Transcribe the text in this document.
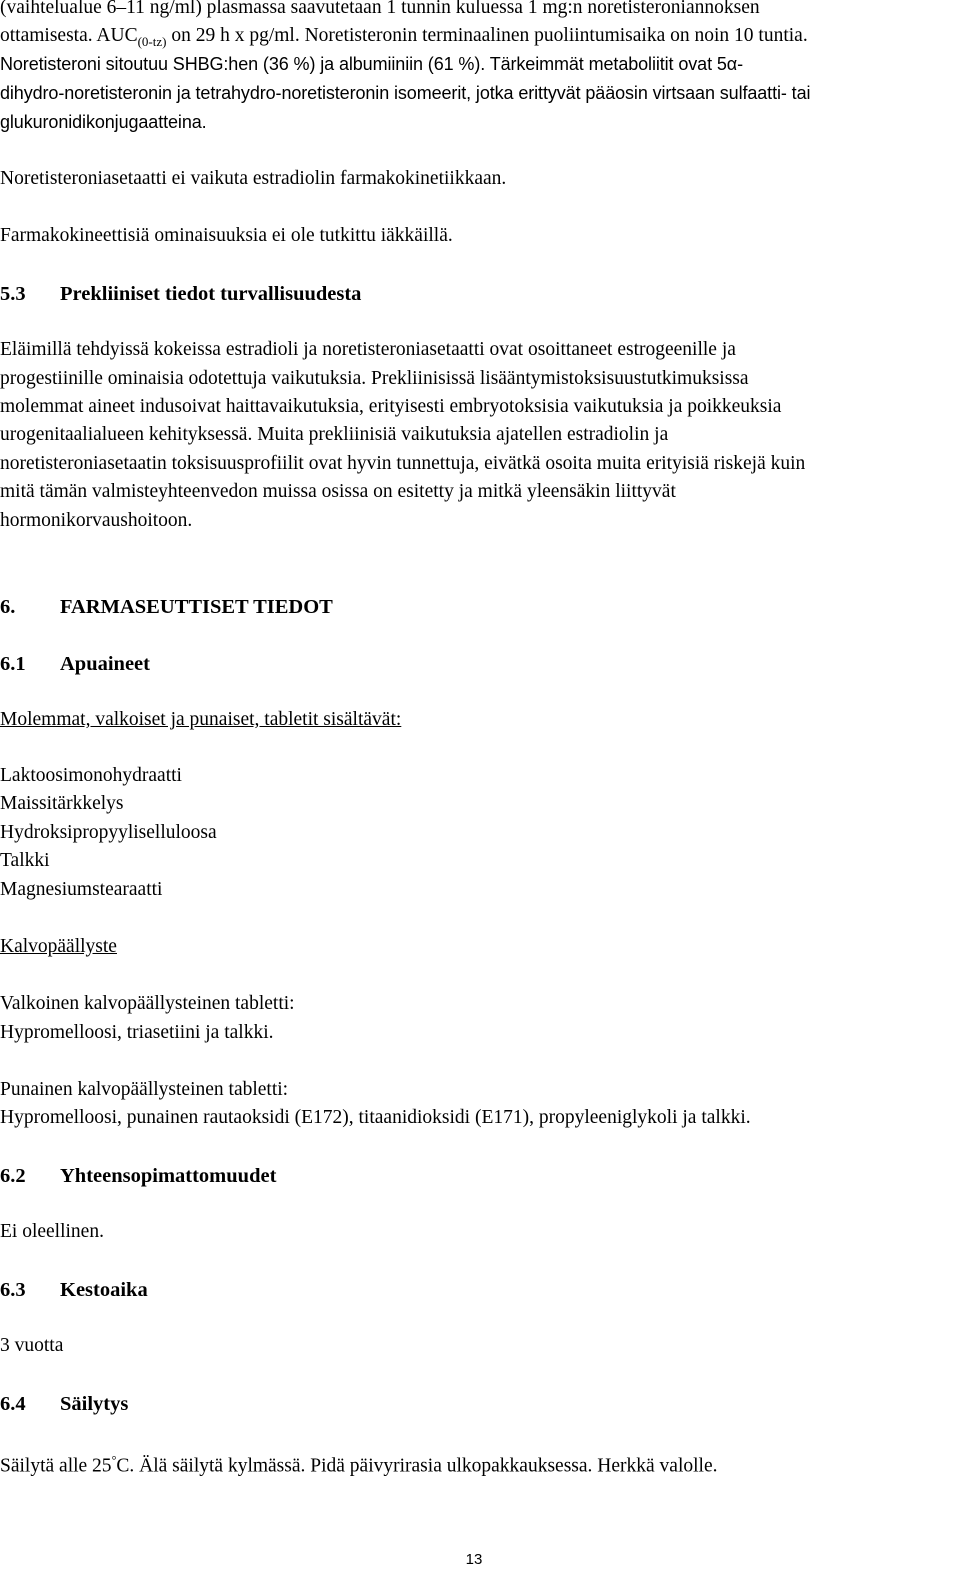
(vaihtelualue 6–11 ng/ml) plasmassa saavutetaan 1 tunnin kuluessa 1 mg:n noretisteroniannoksen
ottamisesta. $AUC_{(0-tz)}$ on 29 h x pg/ml. Noretisteronin terminaalinen puoliintumisaika on noin 10 tuntia.
Noretisteroni sitoutuu SHBG:hen (36 %) ja albumiiniin (61 %). Tärkeimmät metaboliitit ovat 5α-
dihydro-noretisteronin ja tetrahydro-noretisteronin isomeerit, jotka erittyvät pääosin virtsaan sulfaatti- tai
glukuronidikonjugaatteina.
Noretisteroniasetaatti ei vaikuta estradiolin farmakokinetiikkaan.
Farmakokineettisiä ominaisuuksia ei ole tutkittu iäkkäillä.
5.3 Prekliiniset tiedot turvallisuudesta
Eläimillä tehdyissä kokeissa estradioli ja noretisteroniasetaatti ovat osoittaneet estrogeenille ja
progestiinille ominaisia odotettuja vaikutuksia. Prekliinisissä lisääntymistoksisuustutkimuksissa
molemmat aineet indusoivat haittavaikutuksia, erityisesti embryotoksisia vaikutuksia ja poikkeuksia
urogenitaalialueen kehityksessä. Muita prekliinisiä vaikutuksia ajatellen estradiolin ja
noretisteroniasetaatin toksisuusprofiilit ovat hyvin tunnettuja, eivätkä osoita muita erityisiä riskejä kuin
mitä tämän valmisteyhteenvedon muissa osissa on esitetty ja mitkä yleensäkin liittyvät
hormonikorvaushoitoon.
6. FARMASEUTTISET TIEDOT
6.1 Apuaineet
Molemmat, valkoiset ja punaiset, tabletit sisältävät:
Laktoosimonohydraatti
Maissitärkkelys
Hydroksipropyyliselluloosa
Talkki
Magnesiumstearaatti
Kalvopäällyste
Valkoinen kalvopäällysteinen tabletti:
Hypromelloosi, triasetiini ja talkki.
Punainen kalvopäällysteinen tabletti:
Hypromelloosi, punainen rautaoksidi (E172), titaanidioksidi (E171), propyleeniglykoli ja talkki.
6.2 Yhteensopimattomuudet
Ei oleellinen.
6.3 Kestoaika
3 vuotta
6.4 Säilytys
Säilytä alle 25°C. Älä säilytä kylmässä. Pidä päivyrirasia ulkopakkauksessa. Herkkä valolle.
13
